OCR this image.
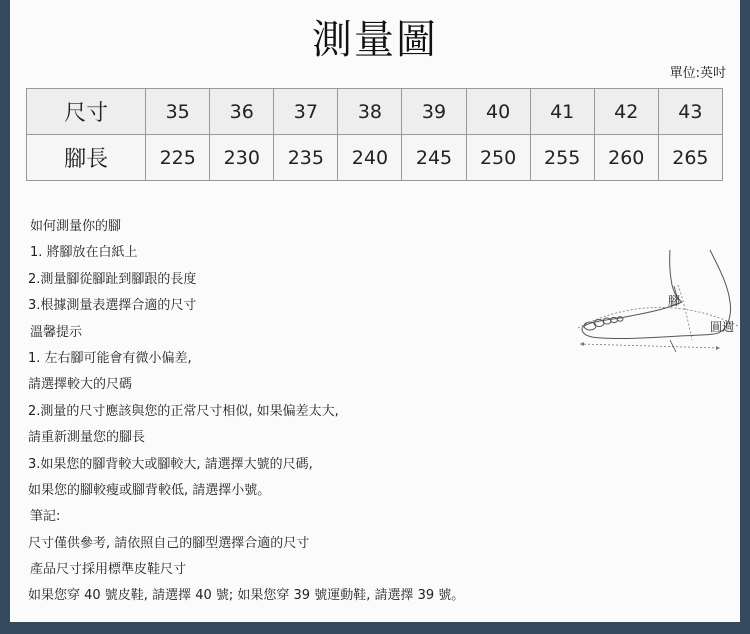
測量圖
單位:英吋
尺寸	35	36	37	38	39	40	41	42	43
腳長	225	230	235	240	245	250	255	260	265
如何測量你的腳
1. 將腳放在白紙上
2.測量腳從腳趾到腳跟的長度
3.根據測量表選擇合適的尺寸
溫馨提示
1. 左右腳可能會有微小偏差,
請選擇較大的尺碼
2.測量的尺寸應該與您的正常尺寸相似, 如果偏差太大,
請重新測量您的腳長
3.如果您的腳背較大或腳較大, 請選擇大號的尺碼,
如果您的腳較瘦或腳背較低, 請選擇小號。
筆記:
尺寸僅供參考, 請依照自己的腳型選擇合適的尺寸
產品尺寸採用標準皮鞋尺寸
如果您穿 40 號皮鞋, 請選擇 40 號; 如果您穿 39 號運動鞋, 請選擇 39 號。
腳
圓週
